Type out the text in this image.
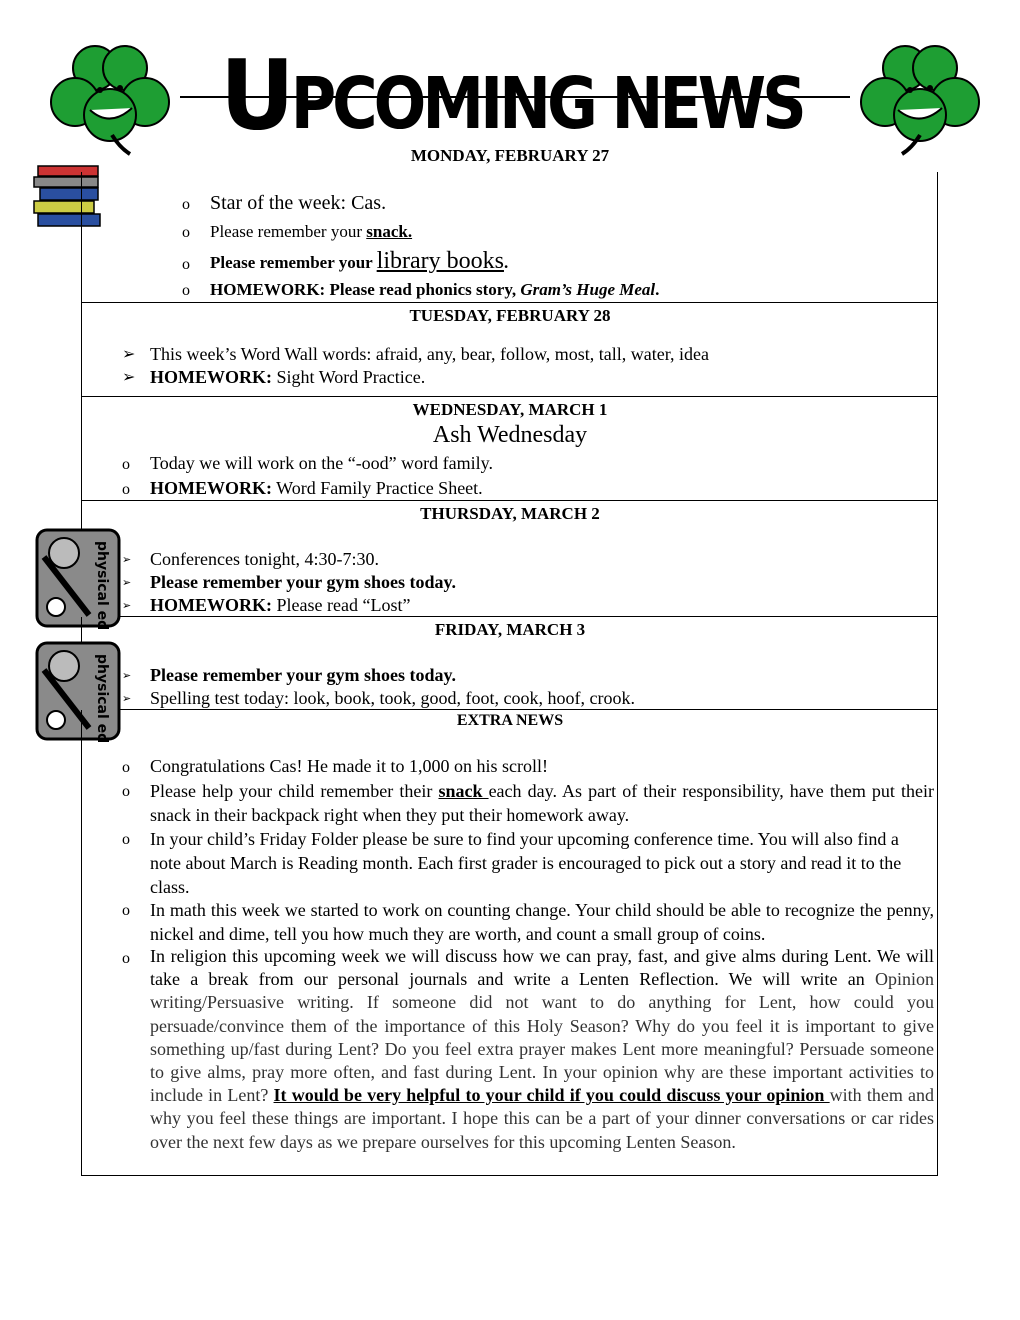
UPCOMING NEWS
MONDAY, FEBRUARY 27
o Star of the week: Cas.
o Please remember your snack.
o Please remember your library books.
o HOMEWORK: Please read phonics story, Gram’s Huge Meal.
TUESDAY, FEBRUARY 28
➢ This week’s Word Wall words: afraid, any, bear, follow, most, tall, water, idea
➢ HOMEWORK: Sight Word Practice.
WEDNESDAY, MARCH 1
Ash Wednesday
o Today we will work on the “-ood” word family.
o HOMEWORK: Word Family Practice Sheet.
THURSDAY, MARCH 2
physical ed ➢ Conferences tonight, 4:30-7:30.
➢ Please remember your gym shoes today.
➢ HOMEWORK: Please read “Lost”
FRIDAY, MARCH 3
physical ed ➢ Please remember your gym shoes today.
➢ Spelling test today: look, book, took, good, foot, cook, hoof, crook.
EXTRA NEWS
o Congratulations Cas! He made it to 1,000 on his scroll!
o Please help your child remember their snack each day. As part of their responsibility, have them put their snack in their backpack right when they put their homework away.
o In your child’s Friday Folder please be sure to find your upcoming conference time. You will also find a note about March is Reading month. Each first grader is encouraged to pick out a story and read it to the class.
o In math this week we started to work on counting change. Your child should be able to recognize the penny, nickel and dime, tell you how much they are worth, and count a small group of coins.
o In religion this upcoming week we will discuss how we can pray, fast, and give alms during Lent. We will take a break from our personal journals and write a Lenten Reflection. We will write an Opinion writing/Persuasive writing. If someone did not want to do anything for Lent, how could you persuade/convince them of the importance of this Holy Season? Why do you feel it is important to give something up/fast during Lent? Do you feel extra prayer makes Lent more meaningful? Persuade someone to give alms, pray more often, and fast during Lent. In your opinion why are these important activities to include in Lent? It would be very helpful to your child if you could discuss your opinion with them and why you feel these things are important. I hope this can be a part of your dinner conversations or car rides over the next few days as we prepare ourselves for this upcoming Lenten Season.
